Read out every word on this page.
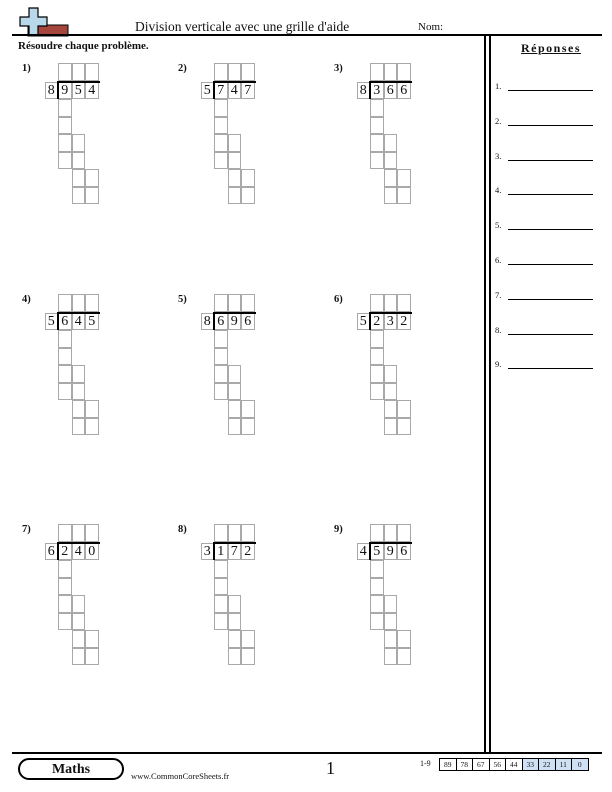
Division verticale avec une grille d'aide	Nom:
Résoudre chaque problème.	Réponses
1.
2.
3.
4.
5.
6.
7.
8.
9.
1)
8 9 5 4
2)
5 7 4 7
3)
8 3 6 6
4)
5 6 4 5
5)
8 6 9 6
6)
5 2 3 2
7)
6 2 4 0
8)
3 1 7 2
9)
4 5 9 6
Maths	www.CommonCoreSheets.fr	1	1-9	89	78	67	56	44	33	22	11	0
